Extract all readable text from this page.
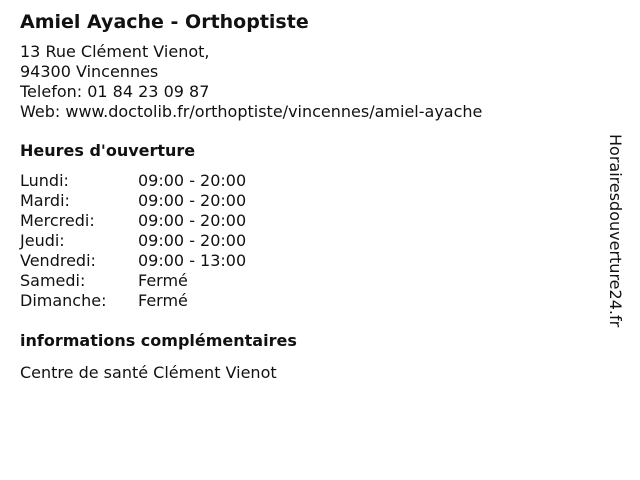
Amiel Ayache - Orthoptiste
13 Rue Clément Vienot,
94300 Vincennes
Telefon: 01 84 23 09 87
Web: www.doctolib.fr/orthoptiste/vincennes/amiel-ayache
Heures d'ouverture
Lundi:	09:00 - 20:00
Mardi:	09:00 - 20:00
Mercredi:	09:00 - 20:00
Jeudi:	09:00 - 20:00
Vendredi:	09:00 - 13:00
Samedi:	Fermé
Dimanche:	Fermé
informations complémentaires
Centre de santé Clément Vienot
Horairesdouverture24.fr
